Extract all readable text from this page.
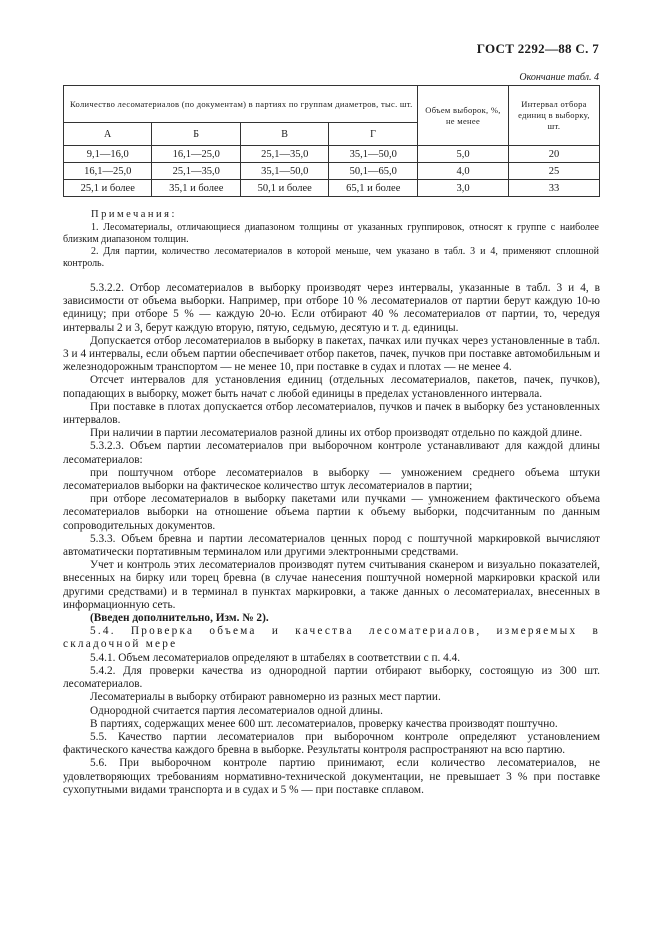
ГОСТ 2292—88 С. 7
Окончание табл. 4
Количество лесоматериалов (по документам) в партиях по группам диаметров, тыс. шт.				Объем выборок, %, не менее	Интервал отбора единиц в выборку, шт.
А	Б	В	Г		
9,1—16,0	16,1—25,0	25,1—35,0	35,1—50,0	5,0	20
16,1—25,0	25,1—35,0	35,1—50,0	50,1—65,0	4,0	25
25,1 и более	35,1 и более	50,1 и более	65,1 и более	3,0	33
Примечания:
1. Лесоматериалы, отличающиеся диапазоном толщины от указанных группировок, относят к группе с наиболее близким диапазоном толщин.
2. Для партии, количество лесоматериалов в которой меньше, чем указано в табл. 3 и 4, применяют сплошной контроль.

5.3.2.2. Отбор лесоматериалов в выборку производят через интервалы, указанные в табл. 3 и 4, в зависимости от объема выборки. Например, при отборе 10 % лесоматериалов от партии берут каждую 10-ю единицу; при отборе 5 % — каждую 20-ю. Если отбирают 40 % лесоматериалов от партии, то, чередуя интервалы 2 и 3, берут каждую вторую, пятую, седьмую, десятую и т. д. единицы.

Допускается отбор лесоматериалов в выборку в пакетах, пачках или пучках через установленные в табл. 3 и 4 интервалы, если объем партии обеспечивает отбор пакетов, пачек, пучков при поставке автомобильным и железнодорожным транспортом — не менее 10, при поставке в судах и плотах — не менее 4.

Отсчет интервалов для установления единиц (отдельных лесоматериалов, пакетов, пачек, пучков), попадающих в выборку, может быть начат с любой единицы в пределах установленного интервала.

При поставке в плотах допускается отбор лесоматериалов, пучков и пачек в выборку без установленных интервалов.

При наличии в партии лесоматериалов разной длины их отбор производят отдельно по каждой длине.

5.3.2.3. Объем партии лесоматериалов при выборочном контроле устанавливают для каждой длины лесоматериалов:

при поштучном отборе лесоматериалов в выборку — умножением среднего объема штуки лесоматериалов выборки на фактическое количество штук лесоматериалов в партии;

при отборе лесоматериалов в выборку пакетами или пучками — умножением фактического объема лесоматериалов выборки на отношение объема партии к объему выборки, подсчитанным по данным сопроводительных документов.

5.3.3. Объем бревна и партии лесоматериалов ценных пород с поштучной маркировкой вычисляют автоматически портативным терминалом или другими электронными средствами.

Учет и контроль этих лесоматериалов производят путем считывания сканером и визуально показателей, внесенных на бирку или торец бревна (в случае нанесения поштучной номерной маркировки краской или другими средствами) и в терминал в пунктах маркировки, а также данных о лесоматериалах, внесенных в информационную сеть.

(Введен дополнительно, Изм. № 2).

5.4. Проверка объема и качества лесоматериалов, измеряемых в складочной мере

5.4.1. Объем лесоматериалов определяют в штабелях в соответствии с п. 4.4.

5.4.2. Для проверки качества из однородной партии отбирают выборку, состоящую из 300 шт. лесоматериалов.

Лесоматериалы в выборку отбирают равномерно из разных мест партии.

Однородной считается партия лесоматериалов одной длины.

В партиях, содержащих менее 600 шт. лесоматериалов, проверку качества производят поштучно.

5.5. Качество партии лесоматериалов при выборочном контроле определяют установлением фактического качества каждого бревна в выборке. Результаты контроля распространяют на всю партию.

5.6. При выборочном контроле партию принимают, если количество лесоматериалов, не удовлетворяющих требованиям нормативно-технической документации, не превышает 3 % при поставке сухопутными видами транспорта и в судах и 5 % — при поставке сплавом.
